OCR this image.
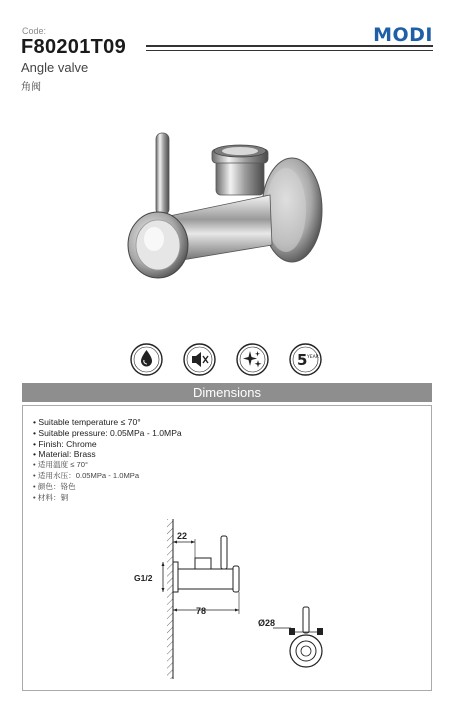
Code:
F80201T09
Angle valve
角阀
MODI
5 YEAR
Dimensions
• Suitable temperature ≤ 70°
• Suitable pressure: 0.05MPa - 1.0MPa
• Finish: Chrome
• Material: Brass
• 适用温度 ≤ 70°
• 适用水压：0.05MPa - 1.0MPa
• 颜色：铬色
• 材料：铜
22
G1/2
78
Ø28
